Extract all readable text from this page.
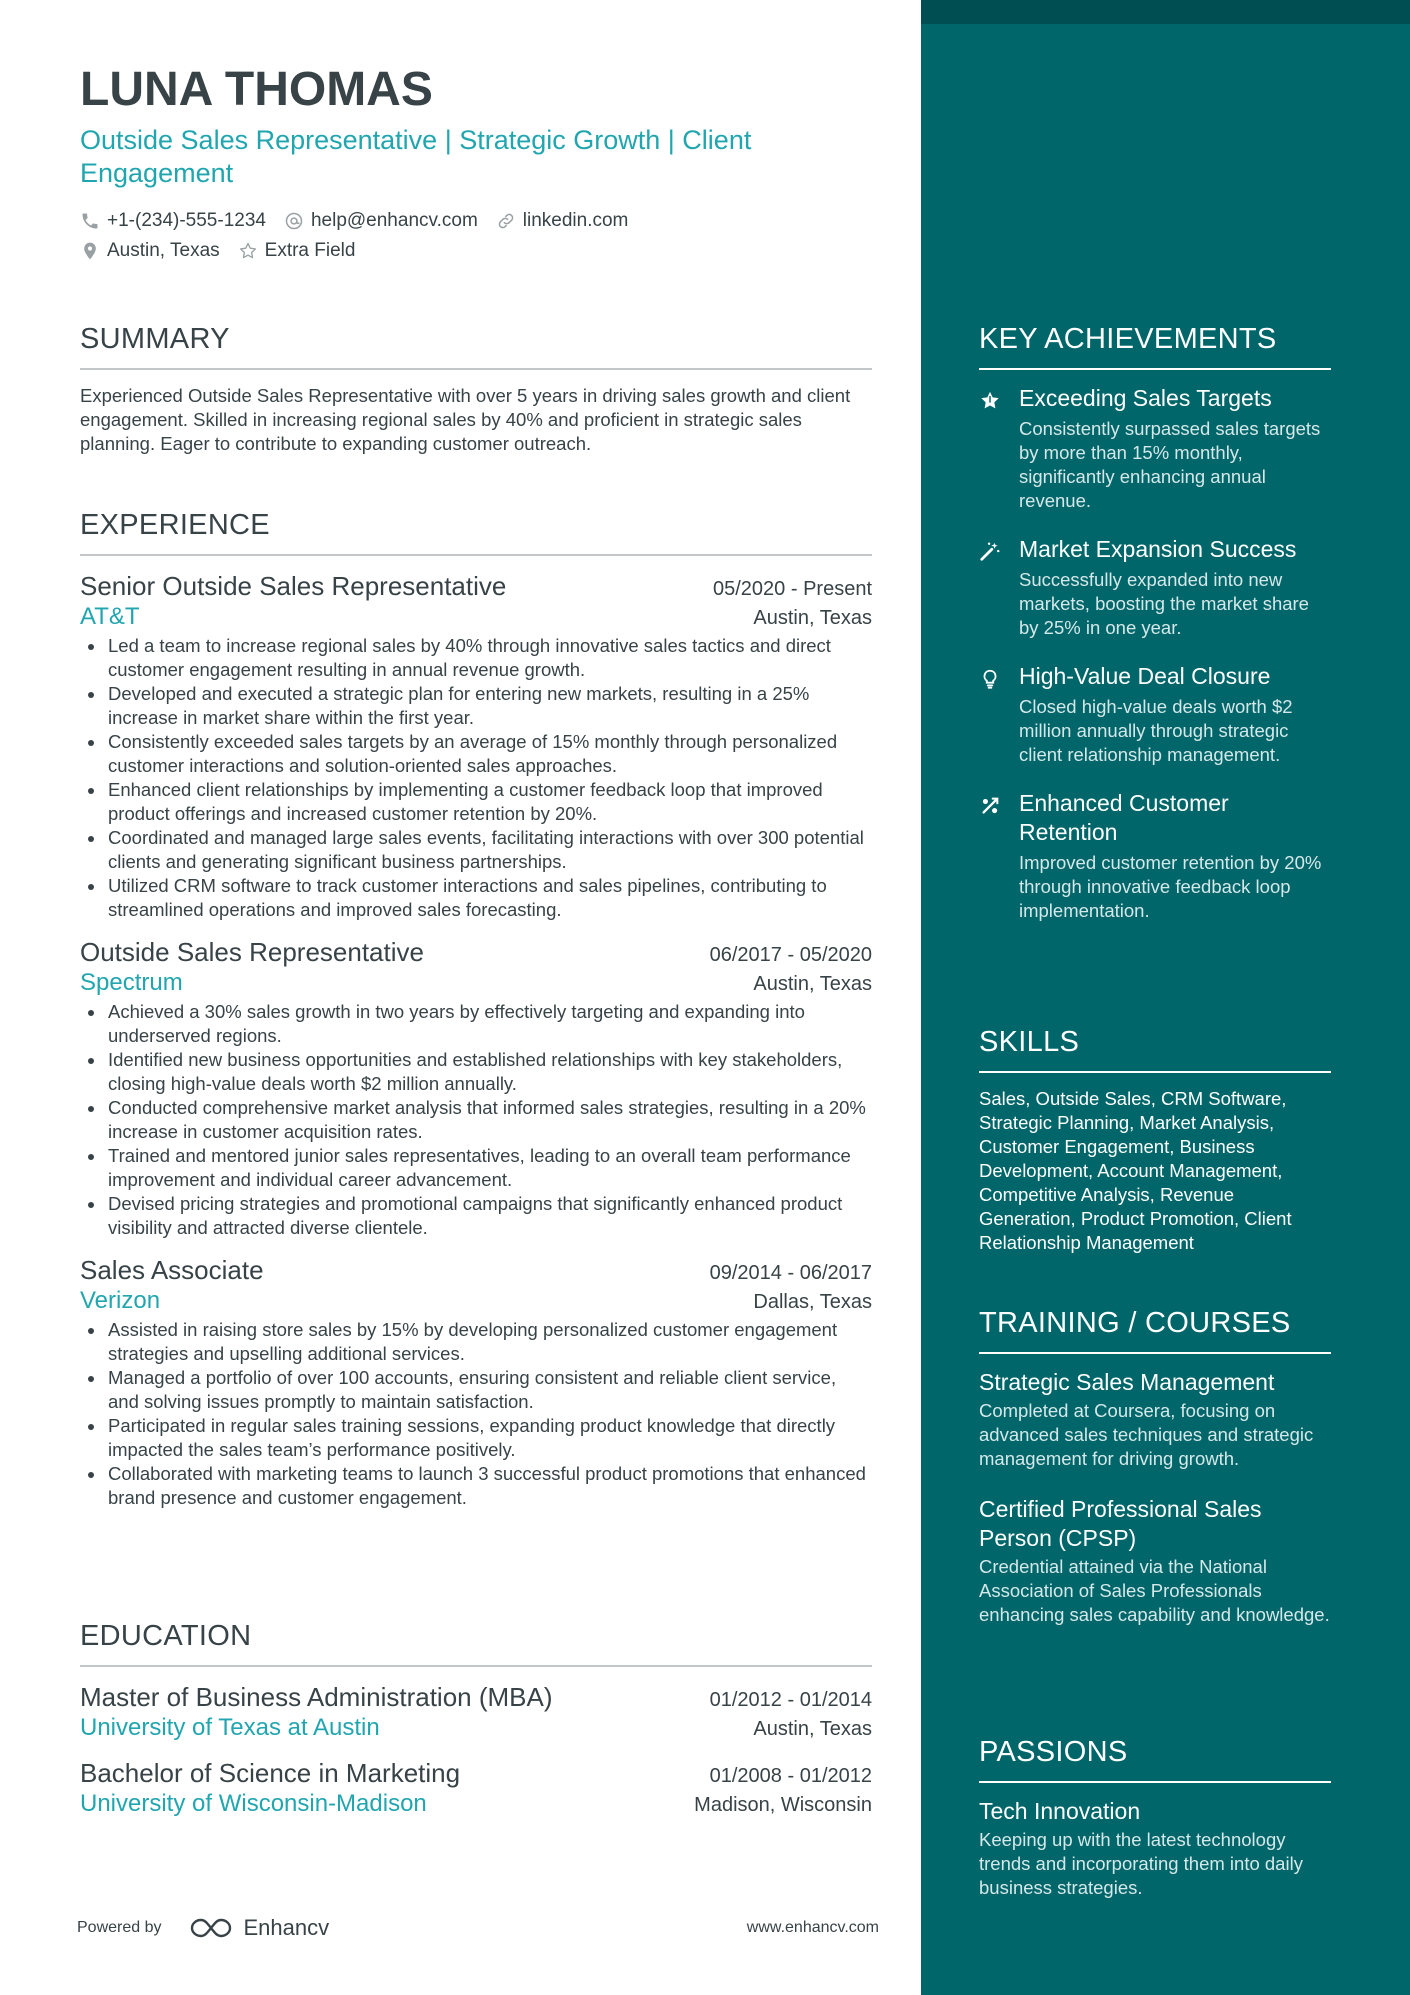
LUNA THOMAS
Outside Sales Representative | Strategic Growth | Client Engagement
+1-(234)-555-1234 help@enhancv.com linkedin.com
Austin, Texas Extra Field
SUMMARY
Experienced Outside Sales Representative with over 5 years in driving sales growth and client engagement. Skilled in increasing regional sales by 40% and proficient in strategic sales planning. Eager to contribute to expanding customer outreach.
EXPERIENCE
Senior Outside Sales Representative	05/2020 - Present
AT&T	Austin, Texas
Led a team to increase regional sales by 40% through innovative sales tactics and direct customer engagement resulting in annual revenue growth.
Developed and executed a strategic plan for entering new markets, resulting in a 25% increase in market share within the first year.
Consistently exceeded sales targets by an average of 15% monthly through personalized customer interactions and solution-oriented sales approaches.
Enhanced client relationships by implementing a customer feedback loop that improved product offerings and increased customer retention by 20%.
Coordinated and managed large sales events, facilitating interactions with over 300 potential clients and generating significant business partnerships.
Utilized CRM software to track customer interactions and sales pipelines, contributing to streamlined operations and improved sales forecasting.
Outside Sales Representative	06/2017 - 05/2020
Spectrum	Austin, Texas
Achieved a 30% sales growth in two years by effectively targeting and expanding into underserved regions.
Identified new business opportunities and established relationships with key stakeholders, closing high-value deals worth $2 million annually.
Conducted comprehensive market analysis that informed sales strategies, resulting in a 20% increase in customer acquisition rates.
Trained and mentored junior sales representatives, leading to an overall team performance improvement and individual career advancement.
Devised pricing strategies and promotional campaigns that significantly enhanced product visibility and attracted diverse clientele.
Sales Associate	09/2014 - 06/2017
Verizon	Dallas, Texas
Assisted in raising store sales by 15% by developing personalized customer engagement strategies and upselling additional services.
Managed a portfolio of over 100 accounts, ensuring consistent and reliable client service, and solving issues promptly to maintain satisfaction.
Participated in regular sales training sessions, expanding product knowledge that directly impacted the sales team’s performance positively.
Collaborated with marketing teams to launch 3 successful product promotions that enhanced brand presence and customer engagement.
EDUCATION
Master of Business Administration (MBA)	01/2012 - 01/2014
University of Texas at Austin	Austin, Texas
Bachelor of Science in Marketing	01/2008 - 01/2012
University of Wisconsin-Madison	Madison, Wisconsin
Powered by	Enhancv	www.enhancv.com
KEY ACHIEVEMENTS
Exceeding Sales Targets
Consistently surpassed sales targets by more than 15% monthly, significantly enhancing annual revenue.
Market Expansion Success
Successfully expanded into new markets, boosting the market share by 25% in one year.
High-Value Deal Closure
Closed high-value deals worth $2 million annually through strategic client relationship management.
Enhanced Customer Retention
Improved customer retention by 20% through innovative feedback loop implementation.
SKILLS
Sales, Outside Sales, CRM Software, Strategic Planning, Market Analysis, Customer Engagement, Business Development, Account Management, Competitive Analysis, Revenue Generation, Product Promotion, Client Relationship Management
TRAINING / COURSES
Strategic Sales Management
Completed at Coursera, focusing on advanced sales techniques and strategic management for driving growth.
Certified Professional Sales Person (CPSP)
Credential attained via the National Association of Sales Professionals enhancing sales capability and knowledge.
PASSIONS
Tech Innovation
Keeping up with the latest technology trends and incorporating them into daily business strategies.
